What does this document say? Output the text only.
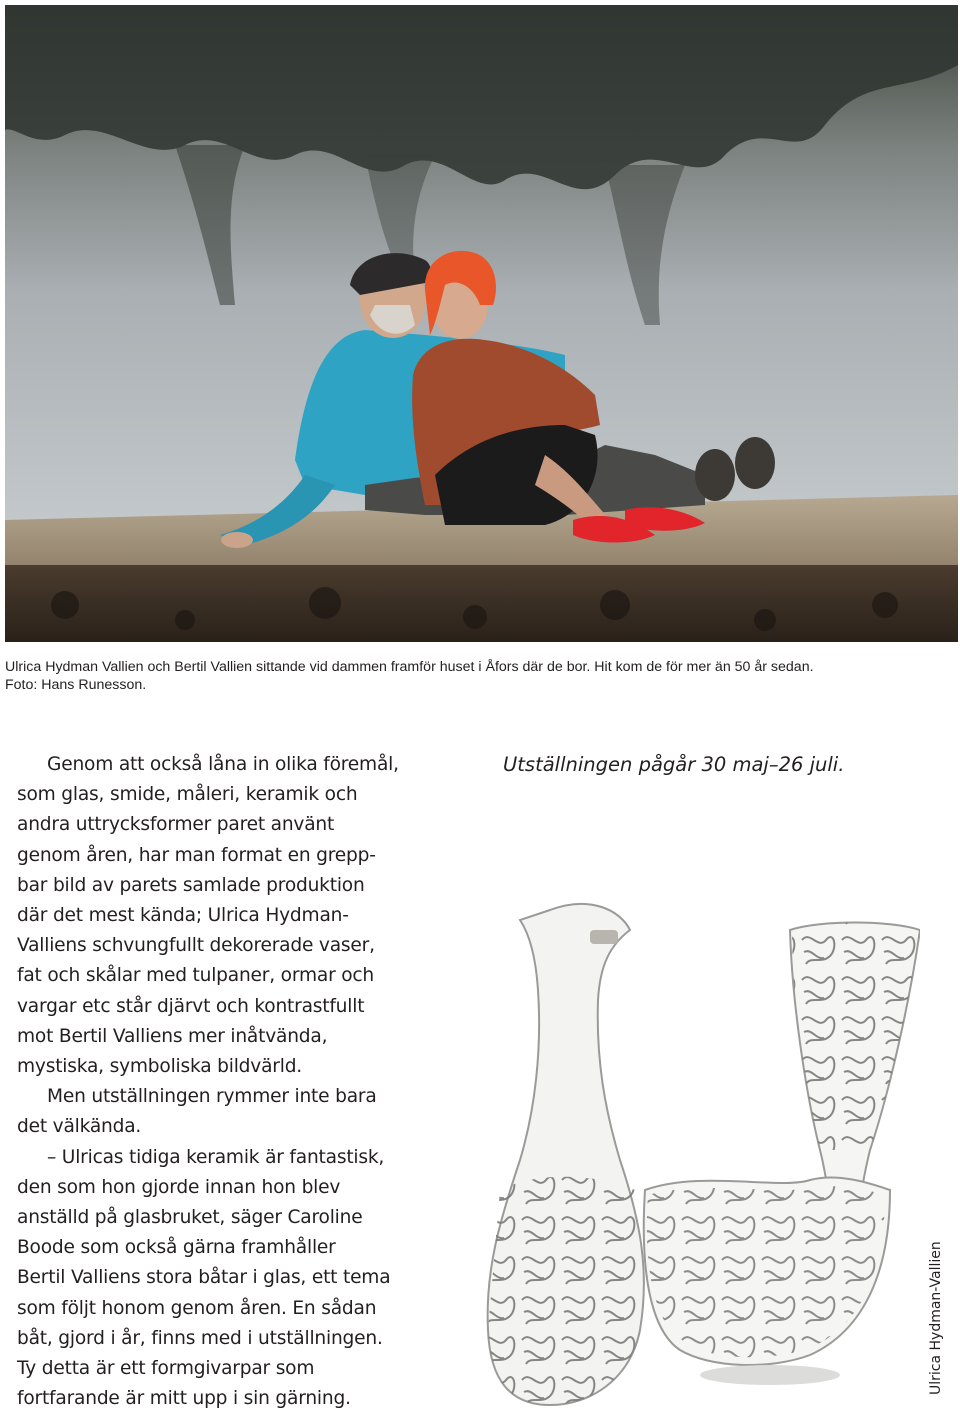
Ulrica Hydman Vallien och Bertil Vallien sittande vid dammen framför huset i Åfors där de bor. Hit kom de för mer än 50 år sedan.

Foto: Hans Runesson.

Genom att också låna in olika föremål,
som glas, smide, måleri, keramik och
andra uttrycksformer paret använt
genom åren, har man format en grepp-
bar bild av parets samlade produktion
där det mest kända; Ulrica Hydman-
Valliens schvungfullt dekorerade vaser,
fat och skålar med tulpaner, ormar och
vargar etc står djärvt och kontrastfullt
mot Bertil Valliens mer inåtvända,
mystiska, symboliska bildvärld.

Men utställningen rymmer inte bara
det välkända.

– Ulricas tidiga keramik är fantastisk,
den som hon gjorde innan hon blev
anställd på glasbruket, säger Caroline
Boode som också gärna framhåller
Bertil Valliens stora båtar i glas, ett tema
som följt honom genom åren. En sådan
båt, gjord i år, finns med i utställningen.
Ty detta är ett formgivarpar som
fortfarande är mitt upp i sin gärning.

Utställningen pågår 30 maj–26 juli.
Ulrica Hydman-Vallien
